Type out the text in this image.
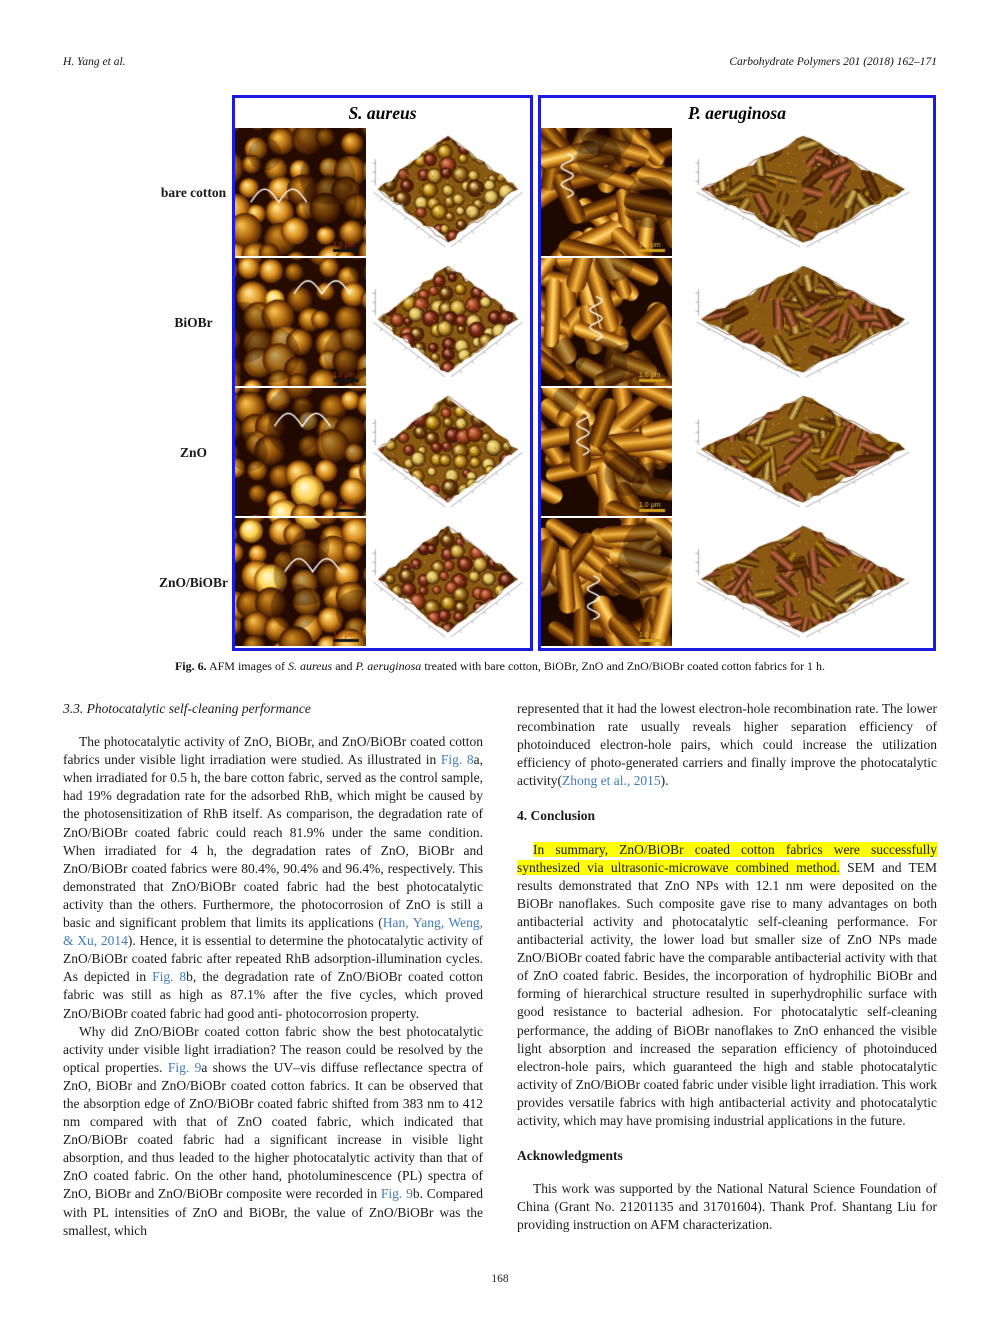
H. Yang et al.	Carbohydrate Polymers 201 (2018) 162–171
bare cotton
BiOBr
ZnO
ZnO/BiOBr
S. aureus	P. aeruginosa
Fig. 6. AFM images of S. aureus and P. aeruginosa treated with bare cotton, BiOBr, ZnO and ZnO/BiOBr coated cotton fabrics for 1 h.
3.3. Photocatalytic self-cleaning performance

The photocatalytic activity of ZnO, BiOBr, and ZnO/BiOBr coated cotton fabrics under visible light irradiation were studied. As illustrated in Fig. 8a, when irradiated for 0.5 h, the bare cotton fabric, served as the control sample, had 19% degradation rate for the adsorbed RhB, which might be caused by the photosensitization of RhB itself. As comparison, the degradation rate of ZnO/BiOBr coated fabric could reach 81.9% under the same condition. When irradiated for 4 h, the degradation rates of ZnO, BiOBr and ZnO/BiOBr coated fabrics were 80.4%, 90.4% and 96.4%, respectively. This demonstrated that ZnO/BiOBr coated fabric had the best photocatalytic activity than the others. Furthermore, the photocorrosion of ZnO is still a basic and significant problem that limits its applications (Han, Yang, Weng, & Xu, 2014). Hence, it is essential to determine the photocatalytic activity of ZnO/BiOBr coated fabric after repeated RhB adsorption-illumination cycles. As depicted in Fig. 8b, the degradation rate of ZnO/BiOBr coated cotton fabric was still as high as 87.1% after the five cycles, which proved ZnO/BiOBr coated fabric had good anti- photocorrosion property.

Why did ZnO/BiOBr coated cotton fabric show the best photocatalytic activity under visible light irradiation? The reason could be resolved by the optical properties. Fig. 9a shows the UV–vis diffuse reflectance spectra of ZnO, BiOBr and ZnO/BiOBr coated cotton fabrics. It can be observed that the absorption edge of ZnO/BiOBr coated fabric shifted from 383 nm to 412 nm compared with that of ZnO coated fabric, which indicated that ZnO/BiOBr coated fabric had a significant increase in visible light absorption, and thus leaded to the higher photocatalytic activity than that of ZnO coated fabric. On the other hand, photoluminescence (PL) spectra of ZnO, BiOBr and ZnO/BiOBr composite were recorded in Fig. 9b. Compared with PL intensities of ZnO and BiOBr, the value of ZnO/BiOBr was the smallest, which

represented that it had the lowest electron-hole recombination rate. The lower recombination rate usually reveals higher separation efficiency of photoinduced electron-hole pairs, which could increase the utilization efficiency of photo-generated carriers and finally improve the photocatalytic activity(Zhong et al., 2015).

4. Conclusion

In summary, ZnO/BiOBr coated cotton fabrics were successfully synthesized via ultrasonic-microwave combined method. SEM and TEM results demonstrated that ZnO NPs with 12.1 nm were deposited on the BiOBr nanoflakes. Such composite gave rise to many advantages on both antibacterial activity and photocatalytic self-cleaning performance. For antibacterial activity, the lower load but smaller size of ZnO NPs made ZnO/BiOBr coated fabric have the comparable antibacterial activity with that of ZnO coated fabric. Besides, the incorporation of hydrophilic BiOBr and forming of hierarchical structure resulted in superhydrophilic surface with good resistance to bacterial adhesion. For photocatalytic self-cleaning performance, the adding of BiOBr nanoflakes to ZnO enhanced the visible light absorption and increased the separation efficiency of photoinduced electron-hole pairs, which guaranteed the high and stable photocatalytic activity of ZnO/BiOBr coated fabric under visible light irradiation. This work provides versatile fabrics with high antibacterial activity and photocatalytic activity, which may have promising industrial applications in the future.

Acknowledgments

This work was supported by the National Natural Science Foundation of China (Grant No. 21201135 and 31701604). Thank Prof. Shantang Liu for providing instruction on AFM characterization.

168
